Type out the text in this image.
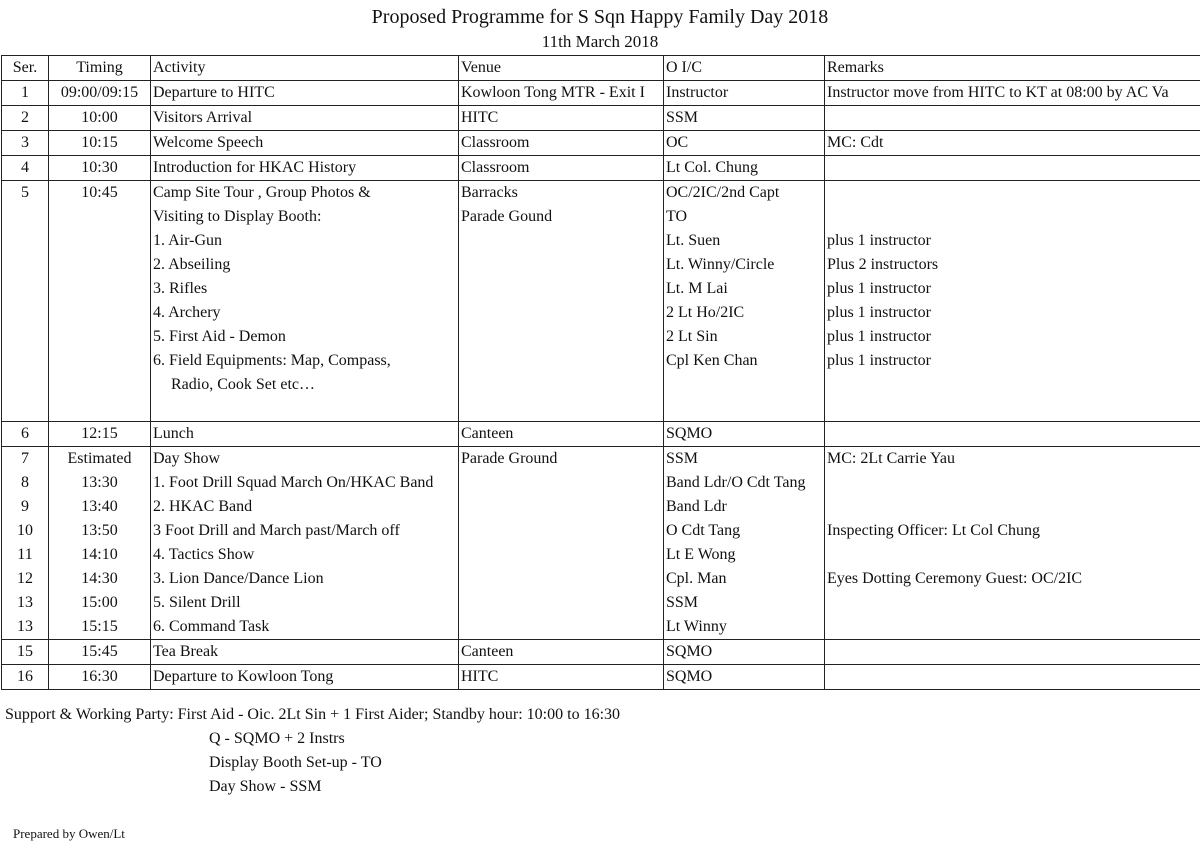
Proposed Programme for S Sqn Happy Family Day 2018
11th March 2018
Ser.	Timing	Activity	Venue	O I/C	Remarks
1	09:00/09:15	Departure to HITC	Kowloon Tong MTR - Exit I	Instructor	Instructor move from HITC to KT at 08:00 by AC Va
2	10:00	Visitors Arrival	HITC	SSM	
3	10:15	Welcome Speech	Classroom	OC	MC: Cdt
4	10:30	Introduction for HKAC History	Classroom	Lt Col. Chung	
5	10:45	Camp Site Tour , Group Photos &	Barracks	OC/2IC/2nd Capt	
		Visiting to Display Booth:	Parade Gound	TO	
		1. Air-Gun		Lt. Suen	plus 1 instructor
		2. Abseiling		Lt. Winny/Circle	Plus 2 instructors
		3. Rifles		Lt. M Lai	plus 1 instructor
		4. Archery		2 Lt Ho/2IC	plus 1 instructor
		5. First Aid - Demon		2 Lt Sin	plus 1 instructor
		6. Field Equipments: Map, Compass,		Cpl Ken Chan	plus 1 instructor
		Radio, Cook Set etc…			

6	12:15	Lunch	Canteen	SQMO	
7	Estimated	Day Show	Parade Ground	SSM	MC: 2Lt Carrie Yau
8	13:30	1. Foot Drill Squad March On/HKAC Band		Band Ldr/O Cdt Tang	
9	13:40	2. HKAC Band		Band Ldr	
10	13:50	3 Foot Drill and March past/March off		O Cdt Tang	Inspecting Officer: Lt Col Chung
11	14:10	4. Tactics Show		Lt E Wong	
12	14:30	3. Lion Dance/Dance Lion		Cpl. Man	Eyes Dotting Ceremony Guest: OC/2IC
13	15:00	5. Silent Drill		SSM	
13	15:15	6. Command Task		Lt Winny	
15	15:45	Tea Break	Canteen	SQMO	
16	16:30	Departure to Kowloon Tong	HITC	SQMO	
Support & Working Party: First Aid - Oic. 2Lt Sin + 1 First Aider; Standby hour: 10:00 to 16:30
Q - SQMO + 2 Instrs
Display Booth Set-up - TO
Day Show - SSM
Prepared by Owen/Lt
